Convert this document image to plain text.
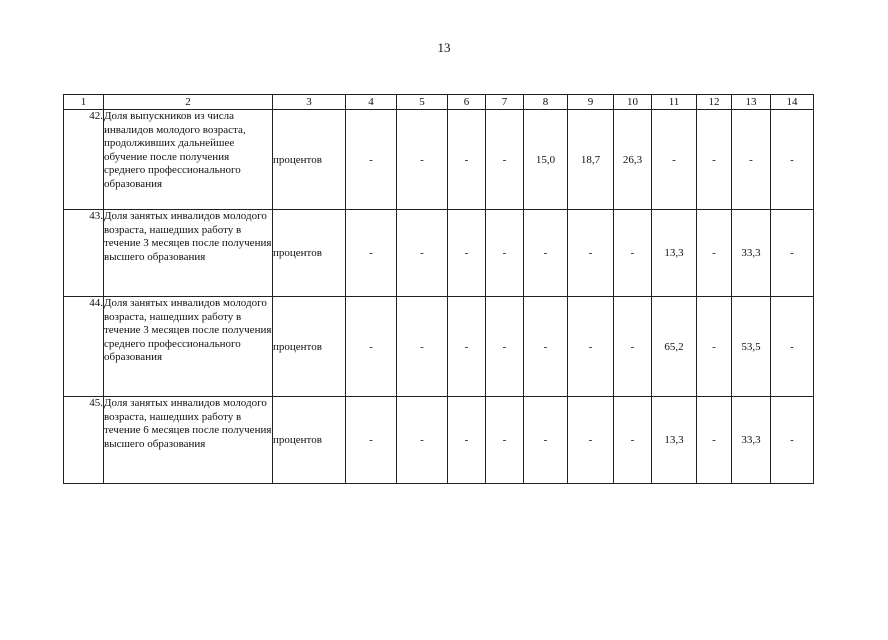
13
1	2	3	4	5	6	7	8	9	10	11	12	13	14
42.	Доля выпускников из числа инвалидов молодого возраста, продолживших дальнейшее обучение после получения среднего профессионального образования	процентов	-	-	-	-	15,0	18,7	26,3	-	-	-	-
43.	Доля занятых инвалидов молодого возраста, нашедших работу в течение 3 месяцев после получения высшего образования	процентов	-	-	-	-	-	-	-	13,3	-	33,3	-
44.	Доля занятых инвалидов молодого возраста, нашедших работу в течение 3 месяцев после получения среднего профессионального образования	процентов	-	-	-	-	-	-	-	65,2	-	53,5	-
45.	Доля занятых инвалидов молодого возраста, нашедших работу в течение 6 месяцев после получения высшего образования	процентов	-	-	-	-	-	-	-	13,3	-	33,3	-
